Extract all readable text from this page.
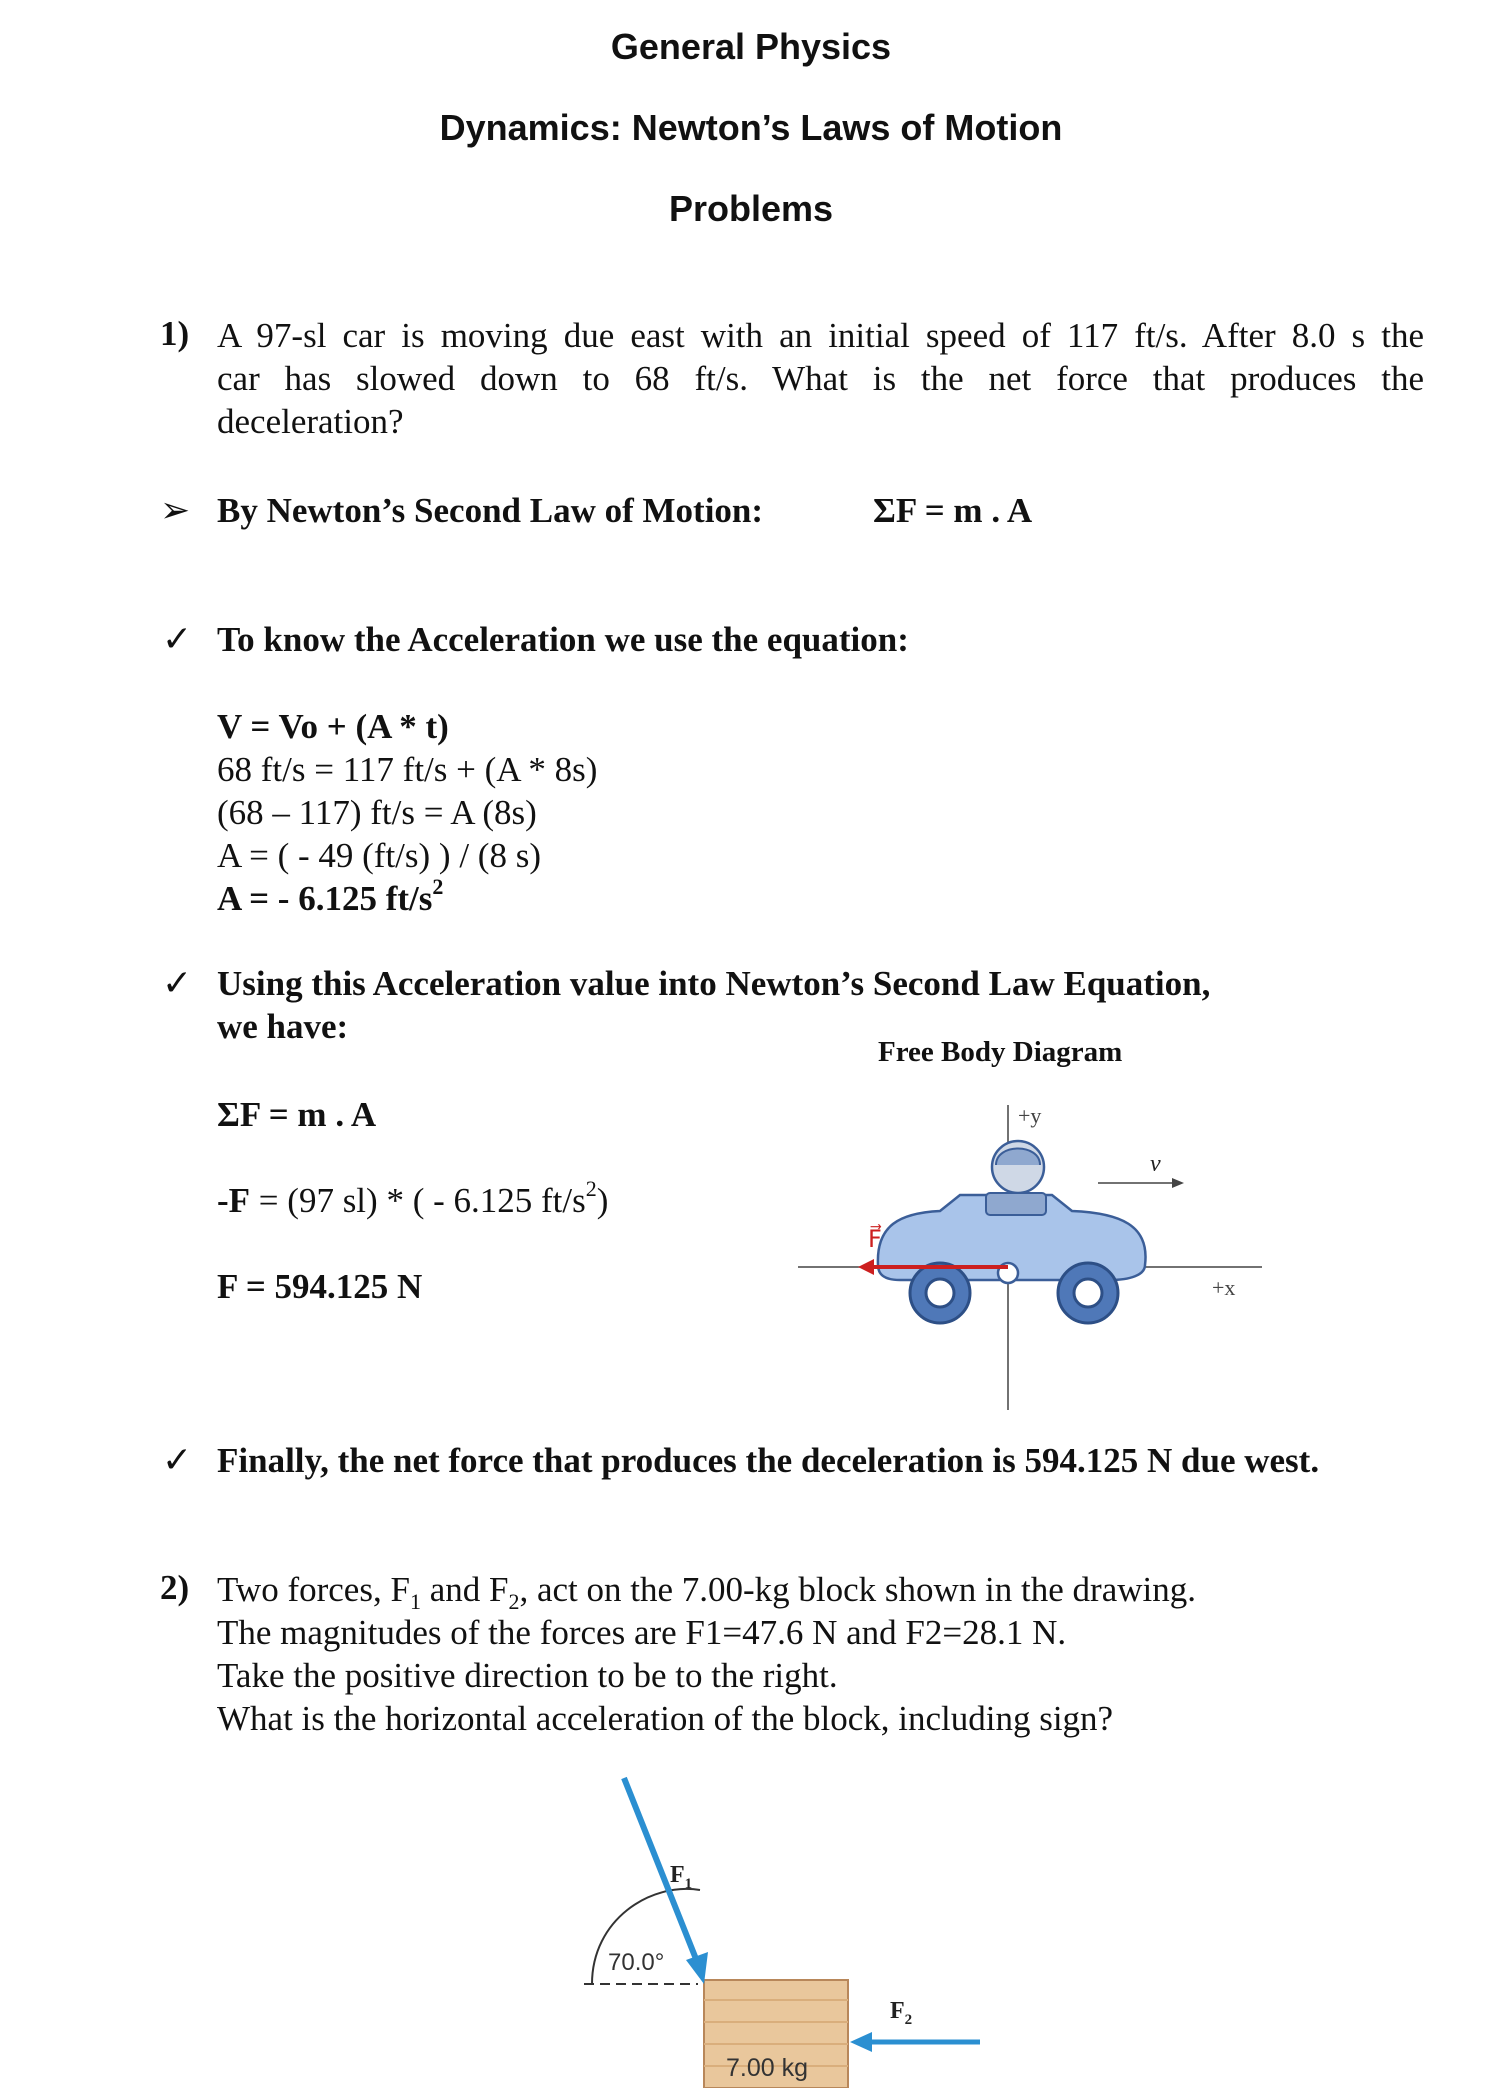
General Physics
Dynamics: Newton’s Laws of Motion
Problems
1) A 97-sl car is moving due east with an initial speed of 117 ft/s. After 8.0 s the
car has slowed down to 68 ft/s. What is the net force that produces the
deceleration?
➢ By Newton’s Second Law of Motion:	ΣF = m . A
✓ To know the Acceleration we use the equation:
V = Vo + (A * t)
68 ft/s = 117 ft/s + (A * 8s)
(68 – 117) ft/s = A (8s)
A = ( - 49 (ft/s) ) / (8 s)
A = - 6.125 $ft/s^2$
✓ Using this Acceleration value into Newton’s Second Law Equation,
we have:
ΣF = m . A
-F = (97 sl) * ( - 6.125 $ft/s^2$)
F = 594.125 N
Free Body Diagram
+y
+x
v⃗
F⃗
✓ Finally, the net force that produces the deceleration is 594.125 N due west.
2) Two forces, $F_1$ and $F_2$, act on the 7.00-kg block shown in the drawing.
The magnitudes of the forces are F1=47.6 N and F2=28.1 N.
Take the positive direction to be to the right.
What is the horizontal acceleration of the block, including sign?
7.00 kg
70.0°
$F_1$
$F_2$
